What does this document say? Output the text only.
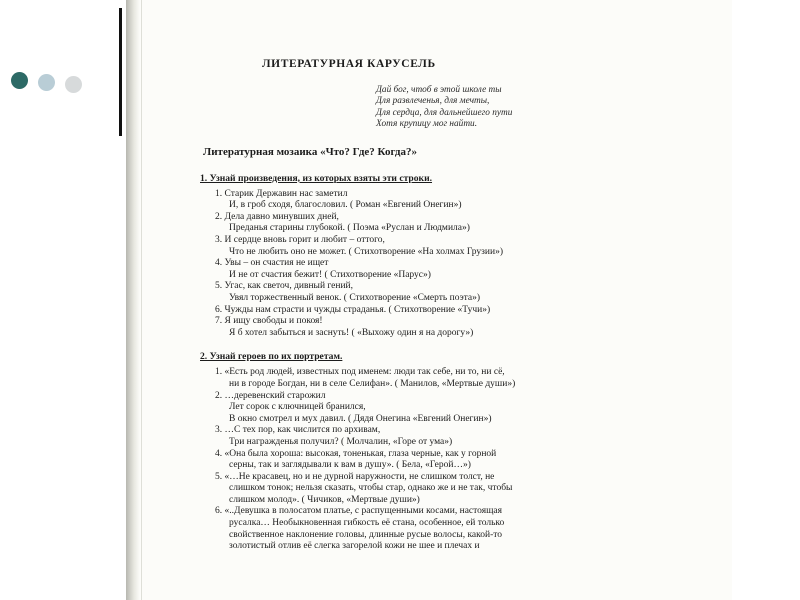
ЛИТЕРАТУРНАЯ КАРУСЕЛЬ
Дай бог, чтоб в этой школе ты
Для развлеченья, для мечты,
Для сердца, для дальнейшего пути
Хотя крупицу мог найти.
Литературная мозаика «Что? Где? Когда?»
1. Узнай произведения, из которых взяты эти строки.
1. Старик Державин нас заметил
И, в гроб сходя, благословил. ( Роман «Евгений Онегин»)
2. Дела давно минувших дней,
Преданья старины глубокой. ( Поэма «Руслан и Людмила»)
3. И сердце вновь горит и любит – оттого,
Что не любить оно не может. ( Стихотворение «На холмах Грузии»)
4. Увы – он счастия не ищет
И не от счастия бежит! ( Стихотворение «Парус»)
5. Угас, как светоч, дивный гений,
Увял торжественный венок. ( Стихотворение «Смерть поэта»)
6. Чужды нам страсти и чужды страданья. ( Стихотворение «Тучи»)
7. Я ищу свободы и покоя!
Я б хотел забыться и заснуть! ( «Выхожу один я на дорогу»)
2. Узнай героев по их портретам.
1. «Есть род людей, известных под именем: люди так себе, ни то, ни сё,
ни в городе Богдан, ни в селе Селифан». ( Манилов, «Мертвые души»)
2. …деревенский старожил
Лет сорок с ключницей бранился,
В окно смотрел и мух давил. ( Дядя Онегина «Евгений Онегин»)
3. …С тех пор, как числится по архивам,
Три награжденья получил? ( Молчалин, «Горе от ума»)
4. «Она была хороша: высокая, тоненькая, глаза черные, как у горной
серны, так и заглядывали к вам в душу». ( Бела, «Герой…»)
5. «…Не красавец, но и не дурной наружности, не слишком толст, не
слишком тонок; нельзя сказать, чтобы стар, однако же и не так, чтобы
слишком молод». ( Чичиков, «Мертвые души»)
6. «..Девушка в полосатом платье, с распущенными косами, настоящая
русалка… Необыкновенная гибкость её стана, особенное, ей только
свойственное наклонение головы, длинные русые волосы, какой-то
золотистый отлив её слегка загорелой кожи не шее и плечах и
